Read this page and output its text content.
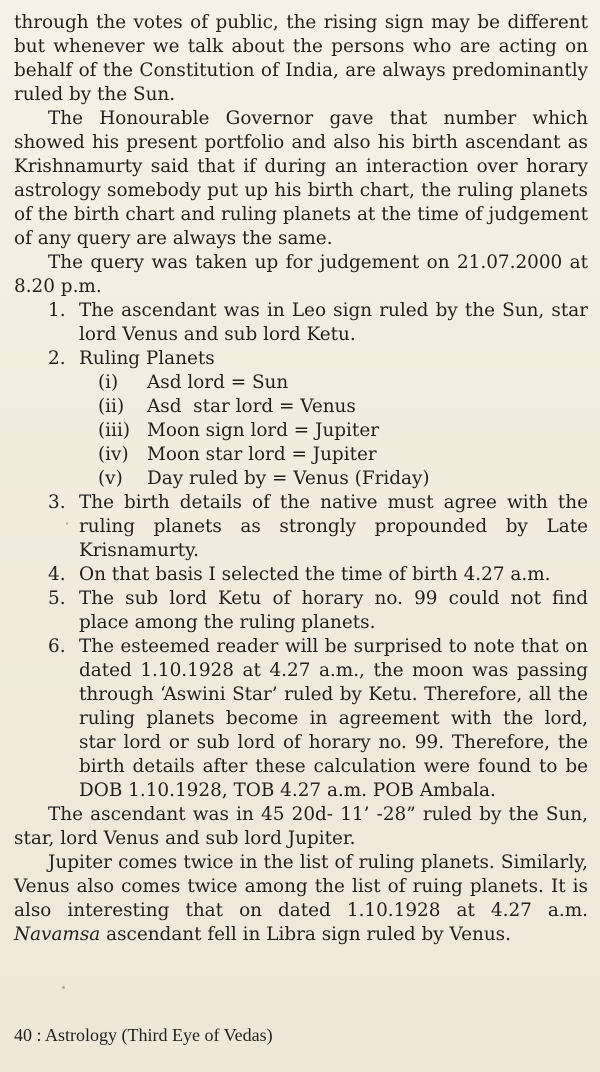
through the votes of public, the rising sign may be different but whenever we talk about the persons who are acting on behalf of the Constitution of India, are always predominantly ruled by the Sun.

The Honourable Governor gave that number which showed his present portfolio and also his birth ascendant as Krishnamurty said that if during an interaction over horary astrology somebody put up his birth chart, the ruling planets of the birth chart and ruling planets at the time of judgement of any query are always the same.

The query was taken up for judgement on 21.07.2000 at 8.20 p.m.

1. The ascendant was in Leo sign ruled by the Sun, star lord Venus and sub lord Ketu.
2. Ruling Planets
(i) Asd lord = Sun
(ii) Asd  star lord = Venus
(iii) Moon sign lord = Jupiter
(iv) Moon star lord = Jupiter
(v) Day ruled by = Venus (Friday)
3. The birth details of the native must agree with the ruling planets as strongly propounded by Late Krisnamurty.
4. On that basis I selected the time of birth 4.27 a.m.
5. The sub lord Ketu of horary no. 99 could not find place among the ruling planets.
6. The esteemed reader will be surprised to note that on dated 1.10.1928 at 4.27 a.m., the moon was passing through ‘Aswini Star’ ruled by Ketu. Therefore, all the ruling planets become in agreement with the lord, star lord or sub lord of horary no. 99. Therefore, the birth details after these calculation were found to be DOB 1.10.1928, TOB 4.27 a.m. POB Ambala.

The ascendant was in 45 20d- 11’ -28” ruled by the Sun, star, lord Venus and sub lord Jupiter.

Jupiter comes twice in the list of ruling planets. Similarly, Venus also comes twice among the list of ruing planets. It is also interesting that on dated 1.10.1928 at 4.27 a.m. Navamsa ascendant fell in Libra sign ruled by Venus.

40 : Astrology (Third Eye of Vedas)
